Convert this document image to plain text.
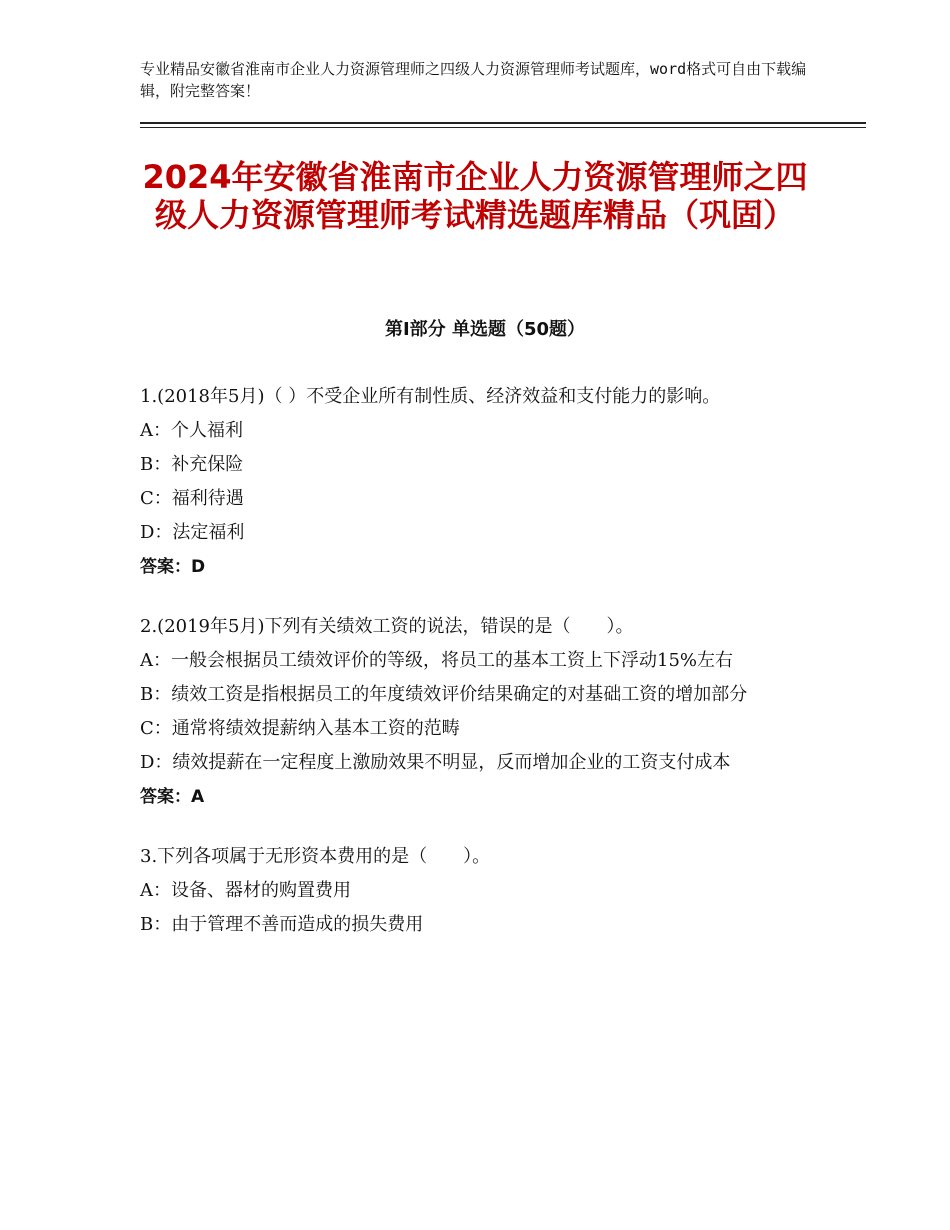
专业精品安徽省淮南市企业人力资源管理师之四级人力资源管理师考试题库，word格式可自由下载编辑，附完整答案！
2024年安徽省淮南市企业人力资源管理师之四级人力资源管理师考试精选题库精品（巩固）
第Ⅰ部分 单选题（50题）

1.(2018年5月)（ ）不受企业所有制性质、经济效益和支付能力的影响。

A：个人福利

B：补充保险

C：福利待遇

D：法定福利

答案：D

2.(2019年5月)下列有关绩效工资的说法，错误的是（　　）。

A：一般会根据员工绩效评价的等级，将员工的基本工资上下浮动15%左右

B：绩效工资是指根据员工的年度绩效评价结果确定的对基础工资的增加部分

C：通常将绩效提薪纳入基本工资的范畴

D：绩效提薪在一定程度上激励效果不明显，反而增加企业的工资支付成本

答案：A

3.下列各项属于无形资本费用的是（　　）。

A：设备、器材的购置费用

B：由于管理不善而造成的损失费用
